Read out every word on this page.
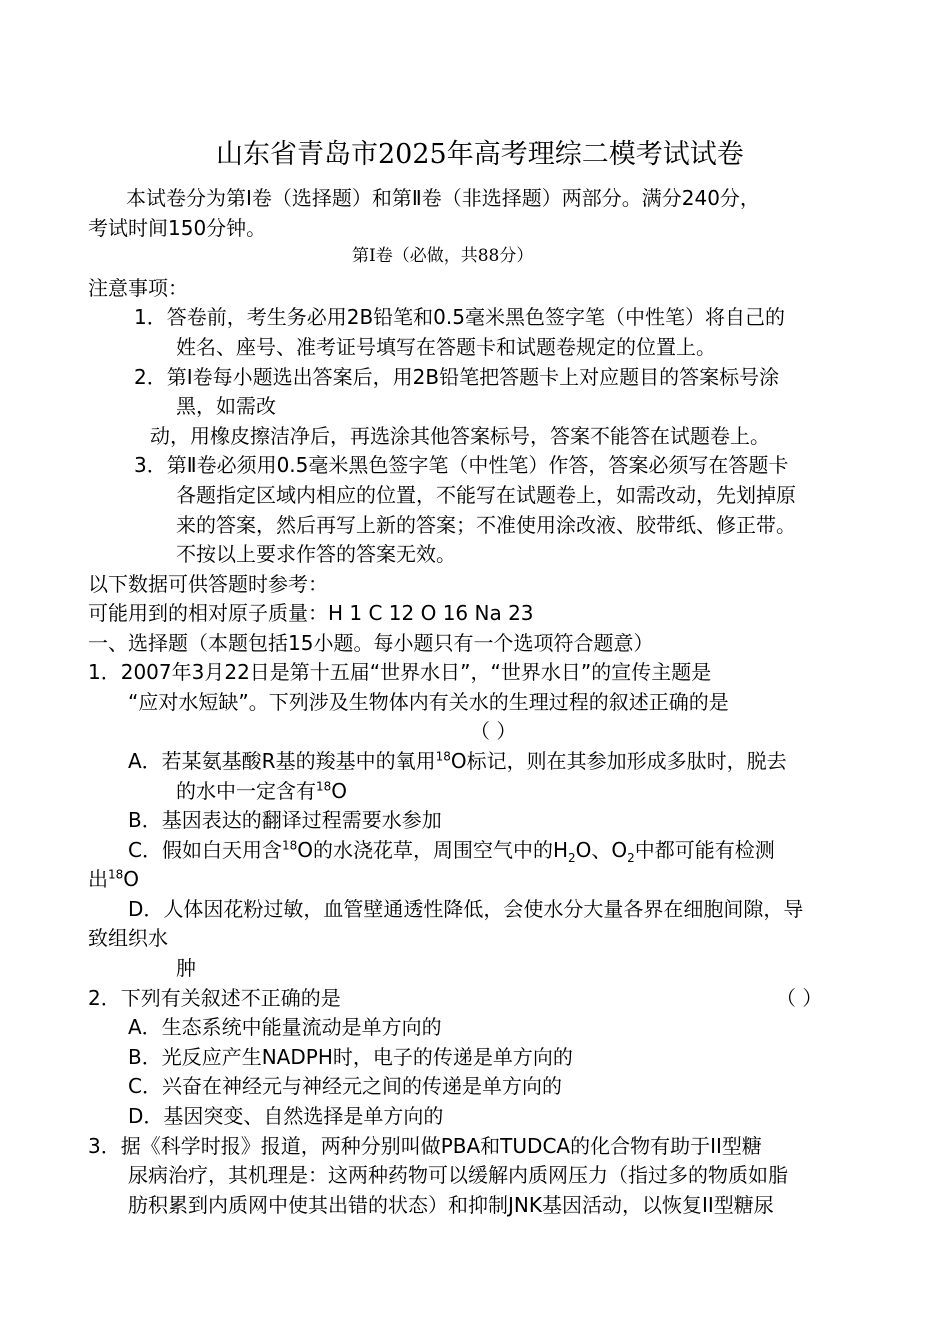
山东省青岛市2025年高考理综二模考试试卷
本试卷分为第Ⅰ卷（选择题）和第Ⅱ卷（非选择题）两部分。满分240分，
考试时间150分钟。
第Ⅰ卷（必做，共88分）
注意事项：
1．答卷前，考生务必用2B铅笔和0.5毫米黑色签字笔（中性笔）将自己的
姓名、座号、准考证号填写在答题卡和试题卷规定的位置上。
2．第Ⅰ卷每小题选出答案后，用2B铅笔把答题卡上对应题目的答案标号涂
黑，如需改
动，用橡皮擦洁净后，再选涂其他答案标号，答案不能答在试题卷上。
3．第Ⅱ卷必须用0.5毫米黑色签字笔（中性笔）作答，答案必须写在答题卡
各题指定区域内相应的位置，不能写在试题卷上，如需改动，先划掉原
来的答案，然后再写上新的答案；不准使用涂改液、胶带纸、修正带。
不按以上要求作答的答案无效。
以下数据可供答题时参考：
可能用到的相对原子质量：H 1 C 12 O 16 Na 23
一、选择题（本题包括15小题。每小题只有一个选项符合题意）
1．2007年3月22日是第十五届“世界水日”，“世界水日”的宣传主题是
“应对水短缺”。下列涉及生物体内有关水的生理过程的叙述正确的是
（ ）
A．若某氨基酸R基的羧基中的氧用$^{18}$O标记，则在其参加形成多肽时，脱去
的水中一定含有$^{18}$O
B．基因表达的翻译过程需要水参加
C．假如白天用含$^{18}$O的水浇花草，周围空气中的$H_2O$、$O_2$中都可能有检测
出$^{18}$O
D．人体因花粉过敏，血管壁通透性降低，会使水分大量各界在细胞间隙，导
致组织水
肿
2．下列有关叙述不正确的是	（ ）
A．生态系统中能量流动是单方向的
B．光反应产生NADPH时，电子的传递是单方向的
C．兴奋在神经元与神经元之间的传递是单方向的
D．基因突变、自然选择是单方向的
3．据《科学时报》报道，两种分别叫做PBA和TUDCA的化合物有助于II型糖
尿病治疗，其机理是：这两种药物可以缓解内质网压力（指过多的物质如脂
肪积累到内质网中使其出错的状态）和抑制JNK基因活动，以恢复II型糖尿
